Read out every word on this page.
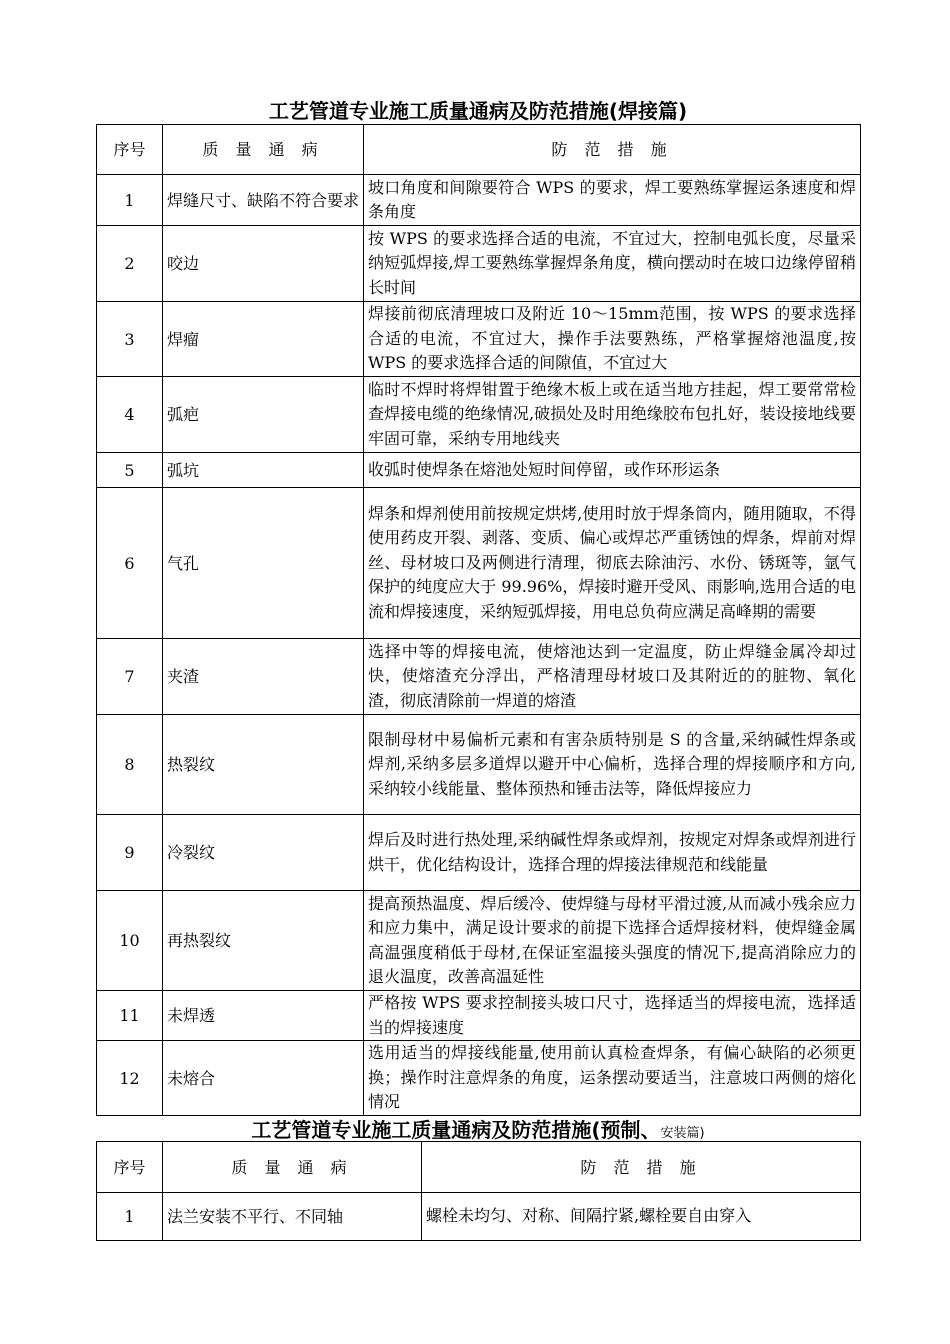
工艺管道专业施工质量通病及防范措施(焊接篇)
序号	质 量 通 病	防 范 措 施
1	焊缝尺寸、缺陷不符合要求	坡口角度和间隙要符合 WPS 的要求，焊工要熟练掌握运条速度和焊条角度
2	咬边	按 WPS 的要求选择合适的电流，不宜过大，控制电弧长度，尽量采纳短弧焊接,焊工要熟练掌握焊条角度，横向摆动时在坡口边缘停留稍长时间
3	焊瘤	焊接前彻底清理坡口及附近 10～15mm范围，按 WPS 的要求选择合适的电流，不宜过大，操作手法要熟练，严格掌握熔池温度,按 WPS 的要求选择合适的间隙值，不宜过大
4	弧疤	临时不焊时将焊钳置于绝缘木板上或在适当地方挂起，焊工要常常检查焊接电缆的绝缘情况,破损处及时用绝缘胶布包扎好，装设接地线要牢固可靠，采纳专用地线夹
5	弧坑	收弧时使焊条在熔池处短时间停留，或作环形运条
6	气孔	焊条和焊剂使用前按规定烘烤,使用时放于焊条筒内，随用随取，不得使用药皮开裂、剥落、变质、偏心或焊芯严重锈蚀的焊条，焊前对焊丝、母材坡口及两侧进行清理，彻底去除油污、水份、锈斑等，氩气保护的纯度应大于 99.96%，焊接时避开受风、雨影响,选用合适的电流和焊接速度，采纳短弧焊接，用电总负荷应满足高峰期的需要
7	夹渣	选择中等的焊接电流，使熔池达到一定温度，防止焊缝金属冷却过快，使熔渣充分浮出，严格清理母材坡口及其附近的的脏物、氧化渣，彻底清除前一焊道的熔渣
8	热裂纹	限制母材中易偏析元素和有害杂质特别是 S 的含量,采纳碱性焊条或焊剂,采纳多层多道焊以避开中心偏析，选择合理的焊接顺序和方向,采纳较小线能量、整体预热和锤击法等，降低焊接应力
9	冷裂纹	焊后及时进行热处理,采纳碱性焊条或焊剂，按规定对焊条或焊剂进行烘干，优化结构设计，选择合理的焊接法律规范和线能量
10	再热裂纹	提高预热温度、焊后缓冷、使焊缝与母材平滑过渡,从而减小残余应力和应力集中，满足设计要求的前提下选择合适焊接材料，使焊缝金属高温强度稍低于母材,在保证室温接头强度的情况下,提高消除应力的退火温度，改善高温延性
11	未焊透	严格按 WPS 要求控制接头坡口尺寸，选择适当的焊接电流，选择适当的焊接速度
12	未熔合	选用适当的焊接线能量,使用前认真检查焊条，有偏心缺陷的必须更换；操作时注意焊条的角度，运条摆动要适当，注意坡口两侧的熔化情况
工艺管道专业施工质量通病及防范措施(预制、安装篇)
序号	质 量 通 病	防 范 措 施
1	法兰安装不平行、不同轴	螺栓未均匀、对称、间隔拧紧,螺栓要自由穿入
